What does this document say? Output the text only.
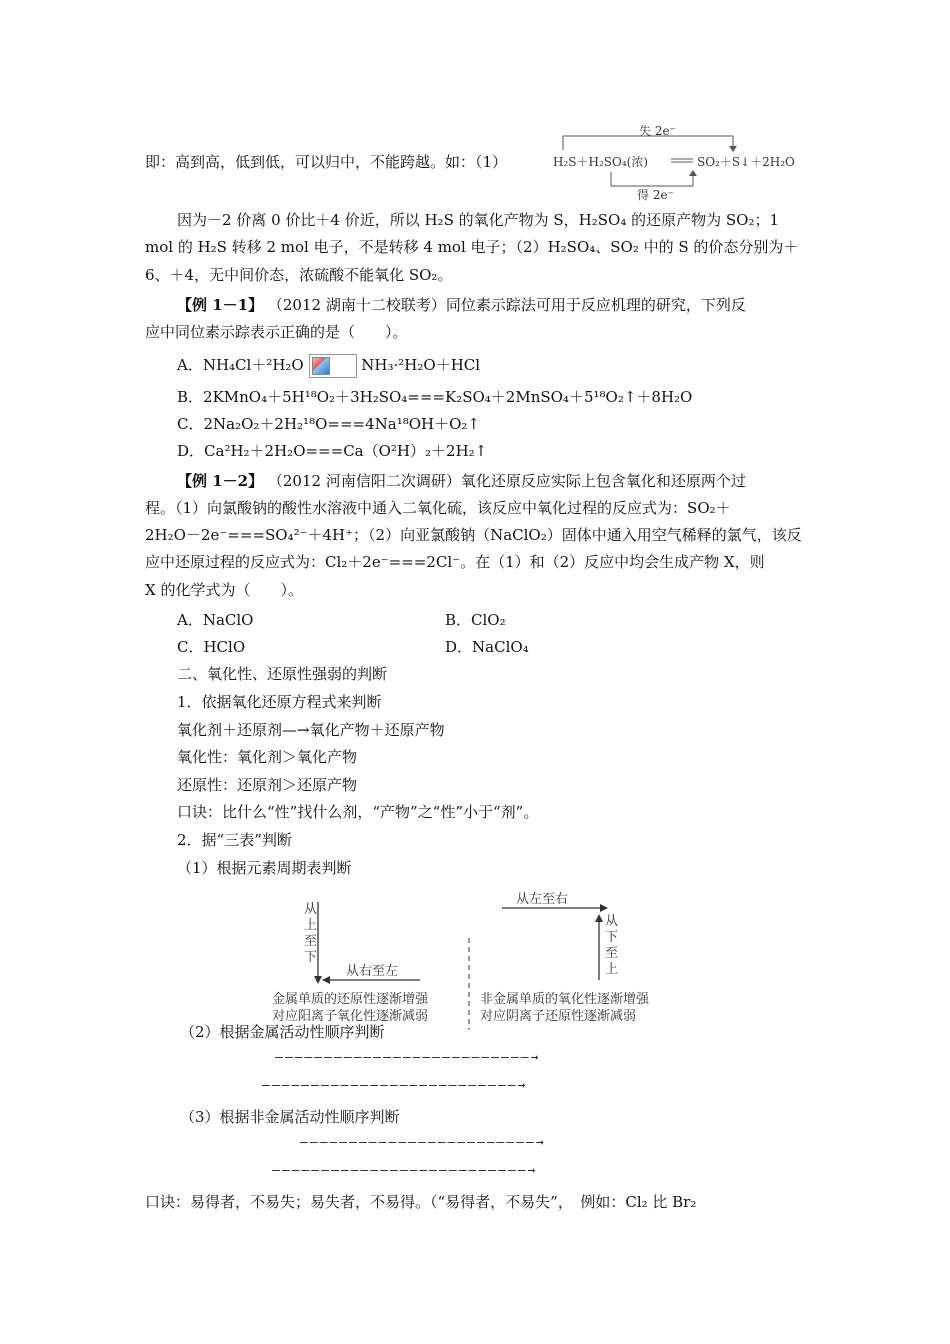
即：高到高，低到低，可以归中，不能跨越。如：（1）
失 2e⁻
H₂S＋H₂SO₄(浓)	SO₂＋S↓＋2H₂O
得 2e⁻
因为－2 价离 0 价比＋4 价近，所以 H₂S 的氧化产物为 S，H₂SO₄ 的还原产物为 SO₂；1
mol 的 H₂S 转移 2 mol 电子，不是转移 4 mol 电子；（2）H₂SO₄、SO₂ 中的 S 的价态分别为＋
6、＋4，无中间价态，浓硫酸不能氧化 SO₂。
【例 1－1】 （2012 湖南十二校联考）同位素示踪法可用于反应机理的研究，下列反
应中同位素示踪表示正确的是（　　）。
A．NH₄Cl＋²H₂O	NH₃·²H₂O＋HCl
B．2KMnO₄＋5H¹⁸O₂＋3H₂SO₄===K₂SO₄＋2MnSO₄＋5¹⁸O₂↑＋8H₂O
C．2Na₂O₂＋2H₂¹⁸O===4Na¹⁸OH＋O₂↑
D．Ca²H₂＋2H₂O===Ca（O²H）₂＋2H₂↑
【例 1－2】 （2012 河南信阳二次调研）氧化还原反应实际上包含氧化和还原两个过
程。（1）向氯酸钠的酸性水溶液中通入二氧化硫，该反应中氧化过程的反应式为：SO₂＋
2H₂O－2e⁻===SO₄²⁻＋4H⁺；（2）向亚氯酸钠（NaClO₂）固体中通入用空气稀释的氯气，该反
应中还原过程的反应式为：Cl₂＋2e⁻===2Cl⁻。在（1）和（2）反应中均会生成产物 X，则
X 的化学式为（　　）。
A．NaClO	B．ClO₂
C．HClO	D．NaClO₄
二、氧化性、还原性强弱的判断
1．依据氧化还原方程式来判断
氧化剂＋还原剂—→氧化产物＋还原产物
氧化性：氧化剂＞氧化产物
还原性：还原剂＞还原产物
口诀：比什么“性”找什么剂，“产物”之“性”小于“剂”。
2．据“三表”判断
（1）根据元素周期表判断
从左至右
从上至下
从下至上
从右至左
金属单质的还原性逐渐增强
对应阳离子氧化性逐渐减弱
非金属单质的氧化性逐渐增强
对应阴离子还原性逐渐减弱
（2）根据金属活动性顺序判断
——————————————————————————→
——————————————————————————→
（3）根据非金属活动性顺序判断
————————————————————————→
——————————————————————————→
口诀：易得者，不易失；易失者，不易得。（“易得者，不易失”，　例如：Cl₂ 比 Br₂
